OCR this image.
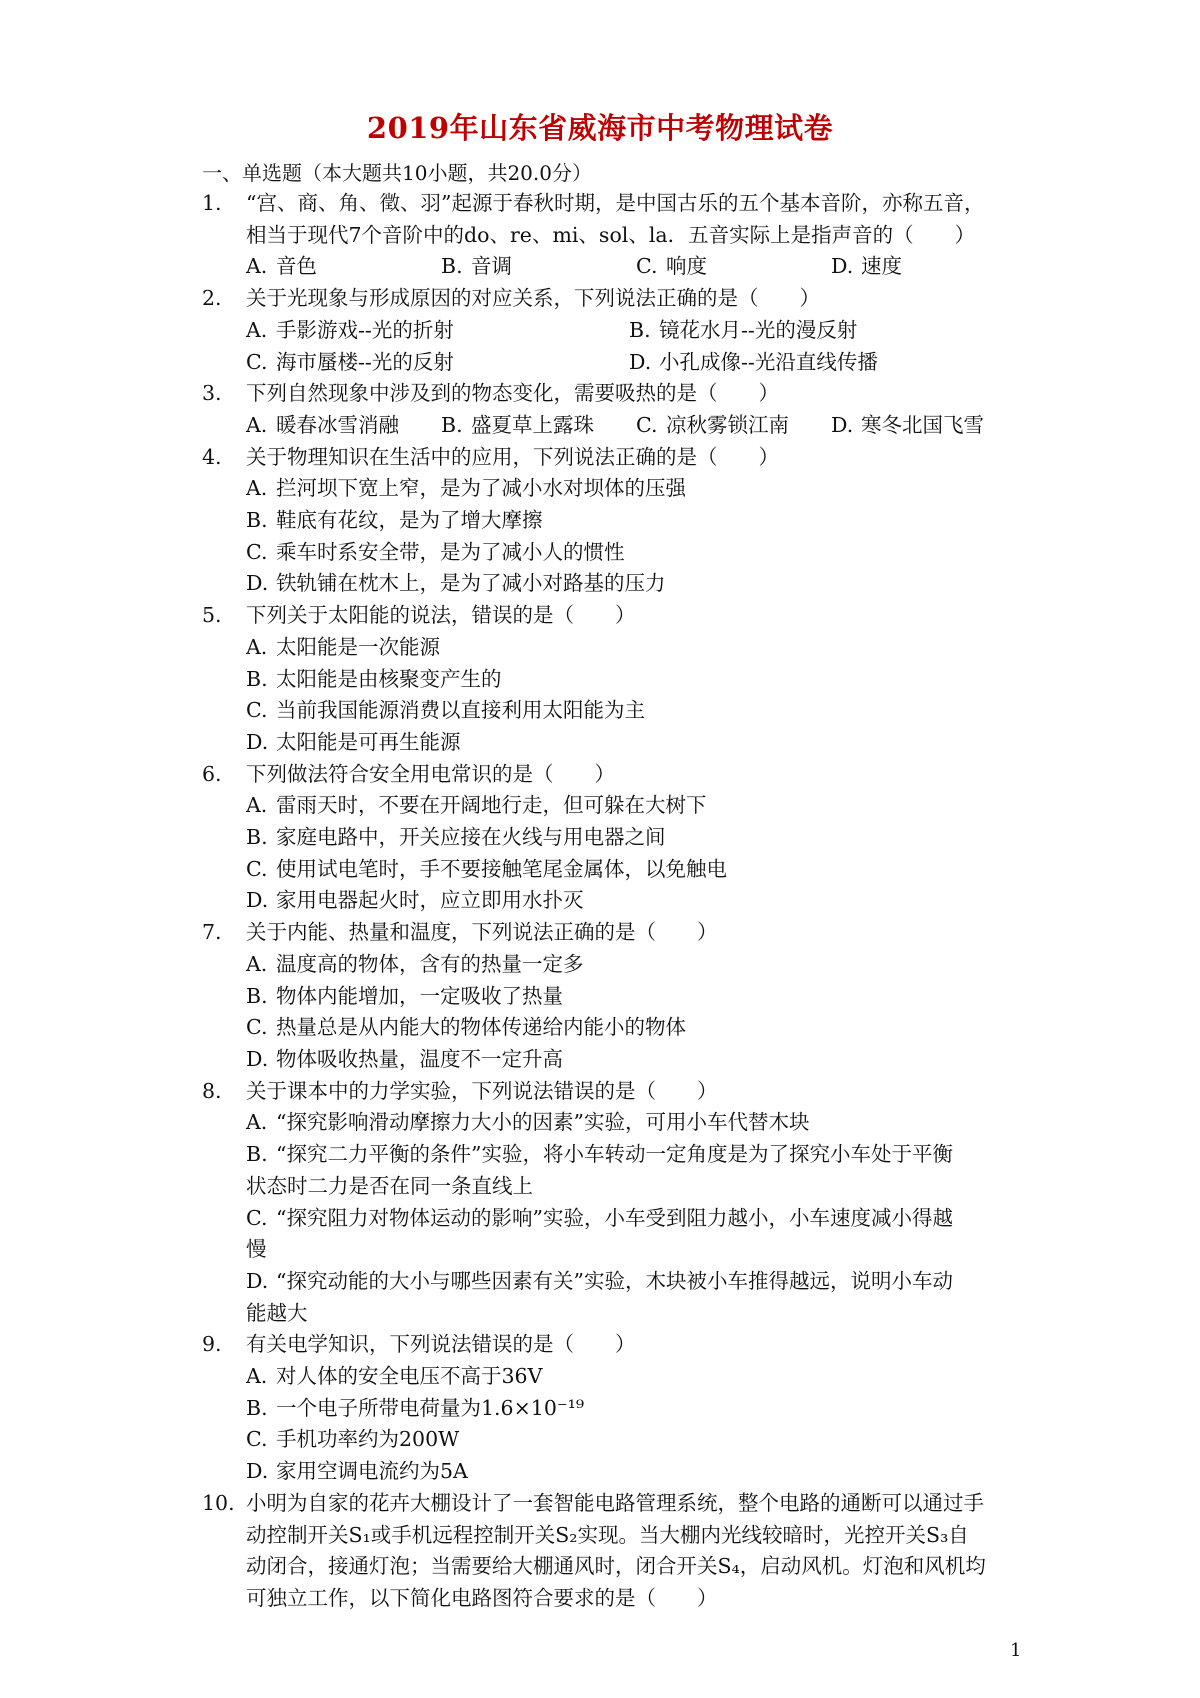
2019年山东省威海市中考物理试卷
一、单选题（本大题共10小题，共20.0分）
1.	“宫、商、角、徵、羽”起源于春秋时期，是中国古乐的五个基本音阶，亦称五音，
相当于现代7个音阶中的do、re、mi、sol、la．五音实际上是指声音的（　　）
A. 音色	B. 音调	C. 响度	D. 速度
2.	关于光现象与形成原因的对应关系，下列说法正确的是（　　）
A. 手影游戏--光的折射	B. 镜花水月--光的漫反射
C. 海市蜃楼--光的反射	D. 小孔成像--光沿直线传播
3.	下列自然现象中涉及到的物态变化，需要吸热的是（　　）
A. 暖春冰雪消融	B. 盛夏草上露珠	C. 凉秋雾锁江南	D. 寒冬北国飞雪
4.	关于物理知识在生活中的应用，下列说法正确的是（　　）
A. 拦河坝下宽上窄，是为了减小水对坝体的压强
B. 鞋底有花纹，是为了增大摩擦
C. 乘车时系安全带，是为了减小人的惯性
D. 铁轨铺在枕木上，是为了减小对路基的压力
5.	下列关于太阳能的说法，错误的是（　　）
A. 太阳能是一次能源
B. 太阳能是由核聚变产生的
C. 当前我国能源消费以直接利用太阳能为主
D. 太阳能是可再生能源
6.	下列做法符合安全用电常识的是（　　）
A. 雷雨天时，不要在开阔地行走，但可躲在大树下
B. 家庭电路中，开关应接在火线与用电器之间
C. 使用试电笔时，手不要接触笔尾金属体，以免触电
D. 家用电器起火时，应立即用水扑灭
7.	关于内能、热量和温度，下列说法正确的是（　　）
A. 温度高的物体，含有的热量一定多
B. 物体内能增加，一定吸收了热量
C. 热量总是从内能大的物体传递给内能小的物体
D. 物体吸收热量，温度不一定升高
8.	关于课本中的力学实验，下列说法错误的是（　　）
A. “探究影响滑动摩擦力大小的因素”实验，可用小车代替木块
B. “探究二力平衡的条件”实验，将小车转动一定角度是为了探究小车处于平衡
状态时二力是否在同一条直线上
C. “探究阻力对物体运动的影响”实验，小车受到阻力越小，小车速度减小得越
慢
D. “探究动能的大小与哪些因素有关”实验，木块被小车推得越远，说明小车动
能越大
9.	有关电学知识，下列说法错误的是（　　）
A. 对人体的安全电压不高于36V
B. 一个电子所带电荷量为1.6×10⁻¹⁹
C. 手机功率约为200W
D. 家用空调电流约为5A
10. 小明为自家的花卉大棚设计了一套智能电路管理系统，整个电路的通断可以通过手
动控制开关S₁或手机远程控制开关S₂实现。当大棚内光线较暗时，光控开关S₃自
动闭合，接通灯泡；当需要给大棚通风时，闭合开关S₄，启动风机。灯泡和风机均
可独立工作，以下简化电路图符合要求的是（　　）
1
